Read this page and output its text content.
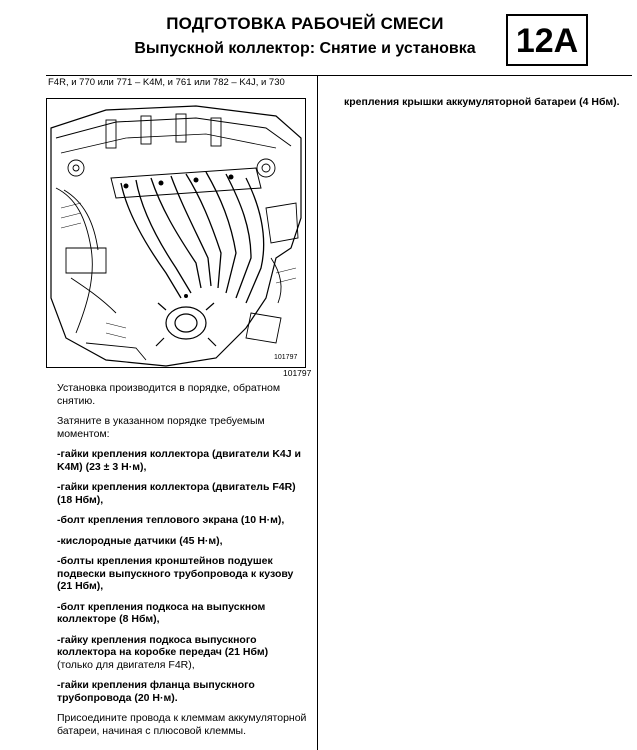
ПОДГОТОВКА РАБОЧЕЙ СМЕСИ
Выпускной коллектор: Снятие и установка	12A
F4R, и 770 или 771 – K4M, и 761 или 782 – K4J, и 730
101797
101797

Установка производится в порядке, обратном снятию.

Затяните в указанном порядке требуемым моментом:

-гайки крепления коллектора (двигатели K4J и K4M) (23 ± 3 Н·м),
-гайки крепления коллектора (двигатель F4R) (18 Нбм),
-болт крепления теплового экрана (10 Н·м),
-кислородные датчики (45 Н·м),
-болты крепления кронштейнов подушек подвески выпускного трубопровода к кузову (21 Нбм),
-болт крепления подкоса на выпускном коллекторе (8 Нбм),
-гайку крепления подкоса выпускного коллектора на коробке передач (21 Нбм)
(только для двигателя F4R),
-гайки крепления фланца выпускного трубопровода (20 Н·м).

Присоедините провода к клеммам аккумуляторной батареи, начиная с плюсовой клеммы.

крепления крышки аккумуляторной батареи (4 Нбм).
